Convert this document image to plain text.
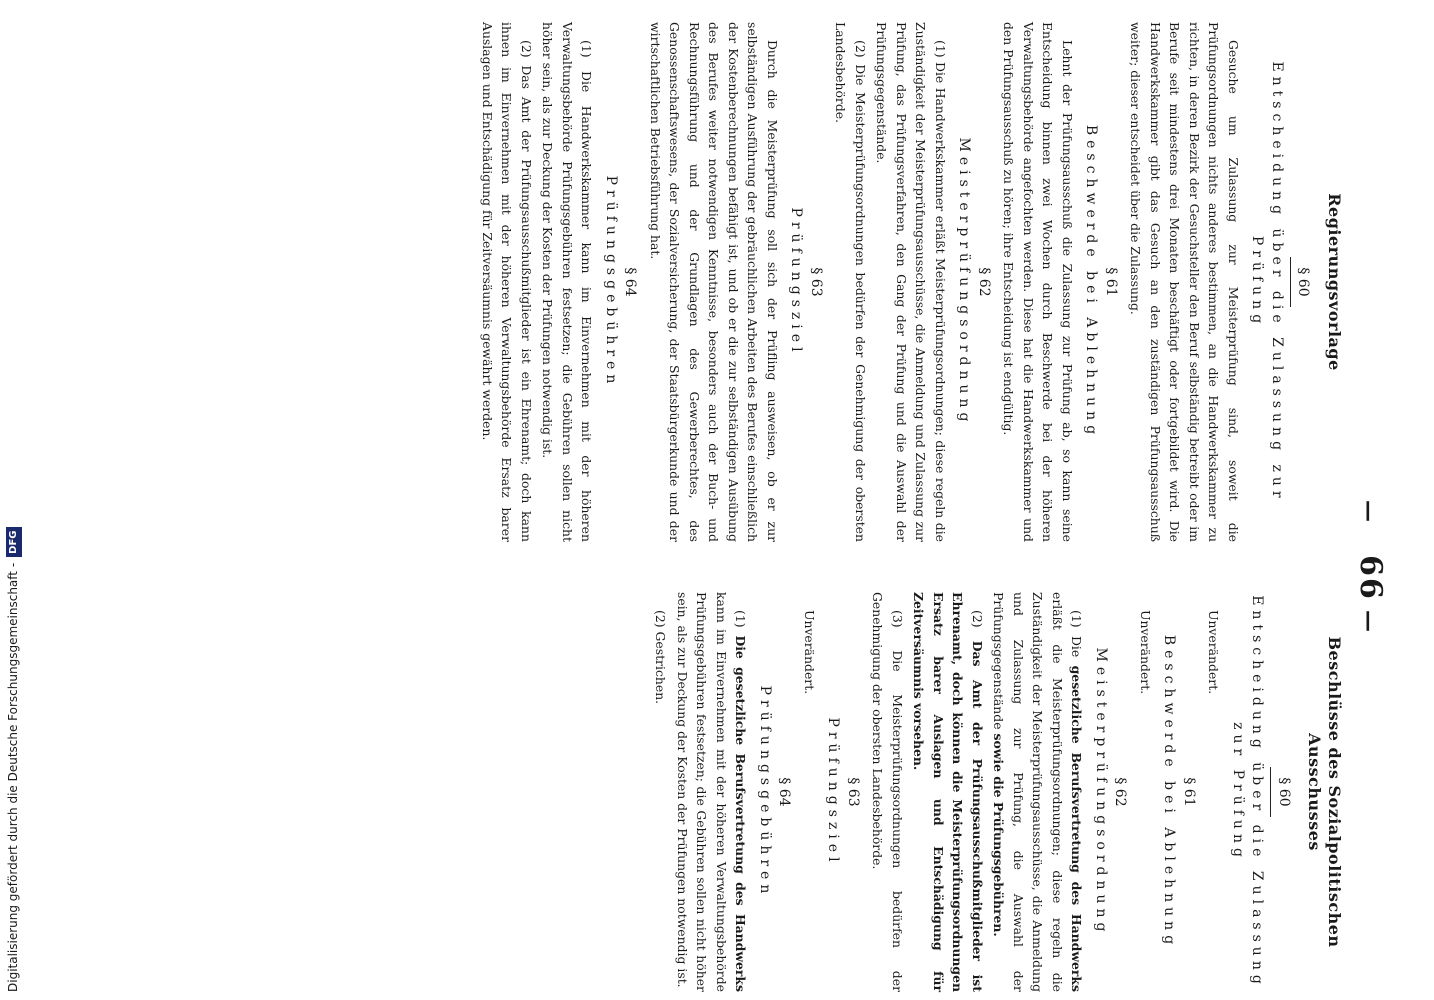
—
66
—
Regierungsvorlage
§ 60
Entscheidung über die Zulassung zur Prüfung

Gesuche um Zulassung zur Meisterprüfung sind, soweit die Prüfungsordnungen nichts anderes bestimmen, an die Handwerkskammer zu richten, in deren Bezirk der Gesuchsteller den Beruf selbständig betreibt oder im Berufe seit mindestens drei Monaten beschäftigt oder fortgebildet wird. Die Handwerkskammer gibt das Gesuch an den zuständigen Prüfungsausschuß weiter; dieser entscheidet über die Zulassung.

§ 61
Beschwerde bei Ablehnung

Lehnt der Prüfungsausschuß die Zulassung zur Prüfung ab, so kann seine Entscheidung binnen zwei Wochen durch Beschwerde bei der höheren Verwaltungsbehörde angefochten werden. Diese hat die Handwerkskammer und den Prüfungsausschuß zu hören; ihre Entscheidung ist endgültig.

§ 62
Meisterprüfungsordnung

(1) Die Handwerkskammer erläßt Meisterprüfungsordnungen; diese regeln die Zuständigkeit der Meisterprüfungsausschüsse, die Anmeldung und Zulassung zur Prüfung, das Prüfungsverfahren, den Gang der Prüfung und die Auswahl der Prüfungsgegenstände.

(2) Die Meisterprüfungsordnungen bedürfen der Genehmigung der obersten Landesbehörde.

§ 63
Prüfungsziel

Durch die Meisterprüfung soll sich der Prüfling ausweisen, ob er zur selbständigen Ausführung der gebräuchlichen Arbeiten des Berufes einschließlich der Kostenberechnungen befähigt ist, und ob er die zur selbständigen Ausübung des Berufes weiter notwendigen Kenntnisse, besonders auch der Buch- und Rechnungsführung und der Grundlagen des Gewerberechtes, des Genossenschaftswesens, der Sozialversicherung, der Staatsbürgerkunde und der wirtschaftlichen Betriebsführung hat.

§ 64
Prüfungsgebühren

(1) Die Handwerkskammer kann im Einvernehmen mit der höheren Verwaltungsbehörde Prüfungsgebühren festsetzen; die Gebühren sollen nicht höher sein, als zur Deckung der Kosten der Prüfungen notwendig ist.

(2) Das Amt der Prüfungsausschußmitglieder ist ein Ehrenamt; doch kann ihnen im Einvernehmen mit der höheren Verwaltungsbehörde Ersatz barer Auslagen und Entschädigung für Zeitversäumnis gewährt werden.

Beschlüsse des Sozialpolitischen Ausschusses
§ 60
Entscheidung über die Zulassung zur Prüfung

Unverändert.

§ 61
Beschwerde bei Ablehnung

Unverändert.

§ 62
Meisterprüfungsordnung

(1) Die gesetzliche Berufsvertretung des Handwerks erläßt die Meisterprüfungsordnungen; diese regeln die Zuständigkeit der Meisterprüfungsausschüsse, die Anmeldung und Zulassung zur Prüfung, die Auswahl der Prüfungsgegenstände sowie die Prüfungsgebühren.

(2) Das Amt der Prüfungsausschußmitglieder ist Ehrenamt, doch können die Meisterprüfungsordnungen Ersatz barer Auslagen und Entschädigung für Zeitversäumnis vorsehen.

(3) Die Meisterprüfungsordnungen bedürfen der Genehmigung der obersten Landesbehörde.

§ 63
Prüfungsziel

Unverändert.

§ 64
Prüfungsgebühren

(1) Die gesetzliche Berufsvertretung des Handwerks kann im Einvernehmen mit der höheren Verwaltungsbehörde Prüfungsgebühren festsetzen; die Gebühren sollen nicht höher sein, als zur Deckung der Kosten der Prüfungen notwendig ist.

(2) Gestrichen.

Digitalisierung gefördert durch die Deutsche Forschungsgemeinschaft -DFG
